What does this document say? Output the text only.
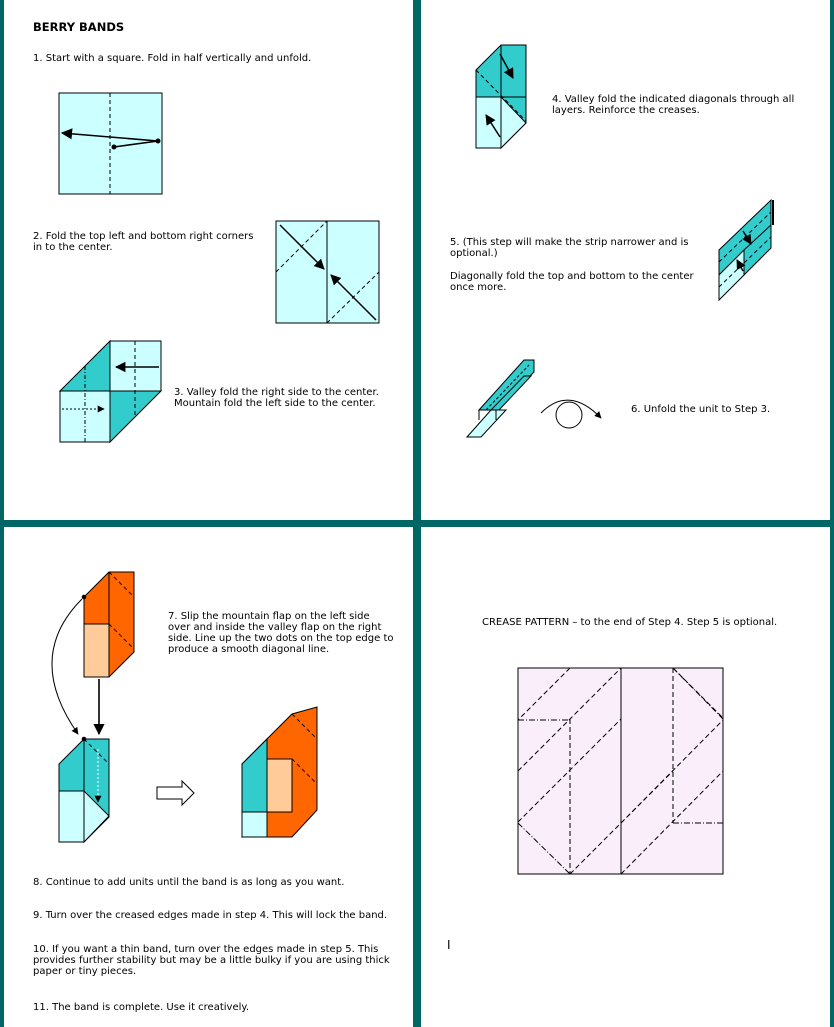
BERRY BANDS
1. Start with a square. Fold in half vertically and unfold.
2. Fold the top left and bottom right corners
in to the center.
3. Valley fold the right side to the center.
Mountain fold the left side to the center.
4. Valley fold the indicated diagonals through all
layers. Reinforce the creases.
5. (This step will make the strip narrower and is
optional.)
Diagonally fold the top and bottom to the center
once more.
6. Unfold the unit to Step 3.
7. Slip the mountain flap on the left side
over and inside the valley flap on the right
side. Line up the two dots on the top edge to
produce a smooth diagonal line.
8. Continue to add units until the band is as long as you want.
9. Turn over the creased edges made in step 4. This will lock the band.
10. If you want a thin band, turn over the edges made in step 5. This
provides further stability but may be a little bulky if you are using thick
paper or tiny pieces.
11. The band is complete. Use it creatively.
CREASE PATTERN – to the end of Step 4. Step 5 is optional.
I
